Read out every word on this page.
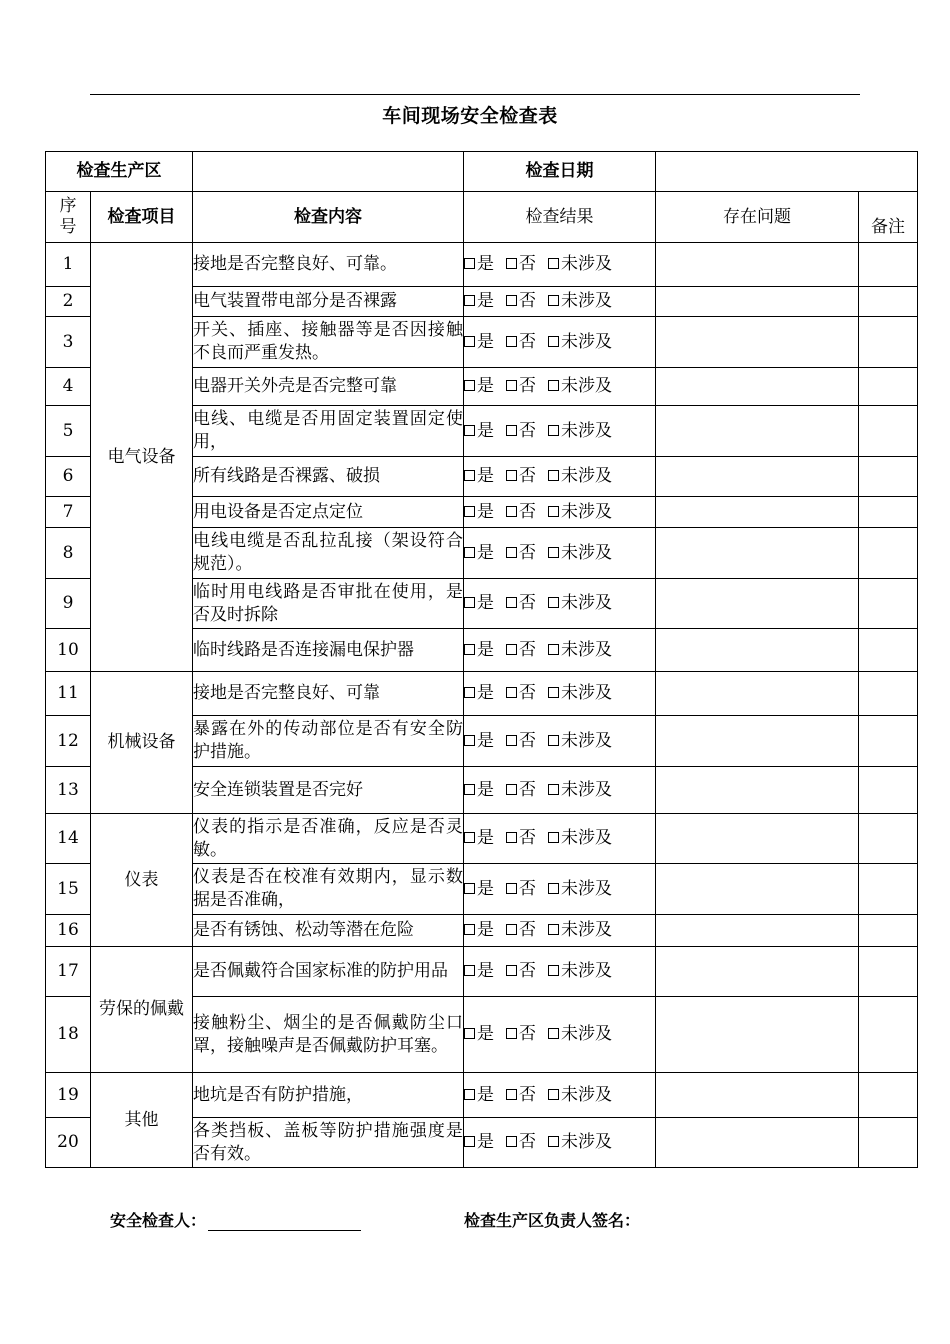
车间现场安全检查表
检查生产区			检查日期		
序号	检查项目	检查内容	检查结果	存在问题	备注
1	电气设备	接地是否完整良好、可靠。	是 否 未涉及		
2		电气装置带电部分是否裸露	是 否 未涉及		
3		开关、插座、接触器等是否因接触不良而严重发热。	是 否 未涉及		
4		电器开关外壳是否完整可靠	是 否 未涉及		
5		电线、电缆是否用固定装置固定使用，	是 否 未涉及		
6		所有线路是否裸露、破损	是 否 未涉及		
7		用电设备是否定点定位	是 否 未涉及		
8		电线电缆是否乱拉乱接（架设符合规范）。	是 否 未涉及		
9		临时用电线路是否审批在使用，是否及时拆除	是 否 未涉及		
10		临时线路是否连接漏电保护器	是 否 未涉及		
11	机械设备	接地是否完整良好、可靠	是 否 未涉及		
12		暴露在外的传动部位是否有安全防护措施。	是 否 未涉及		
13		安全连锁装置是否完好	是 否 未涉及		
14	仪表	仪表的指示是否准确，反应是否灵敏。	是 否 未涉及		
15		仪表是否在校准有效期内，显示数据是否准确，	是 否 未涉及		
16		是否有锈蚀、松动等潜在危险	是 否 未涉及		
17	劳保的佩戴	是否佩戴符合国家标准的防护用品	是 否 未涉及		
18		接触粉尘、烟尘的是否佩戴防尘口罩，接触噪声是否佩戴防护耳塞。	是 否 未涉及		
19	其他	地坑是否有防护措施，	是 否 未涉及		
20		各类挡板、盖板等防护措施强度是否有效。	是 否 未涉及		
安全检查人：	检查生产区负责人签名：
